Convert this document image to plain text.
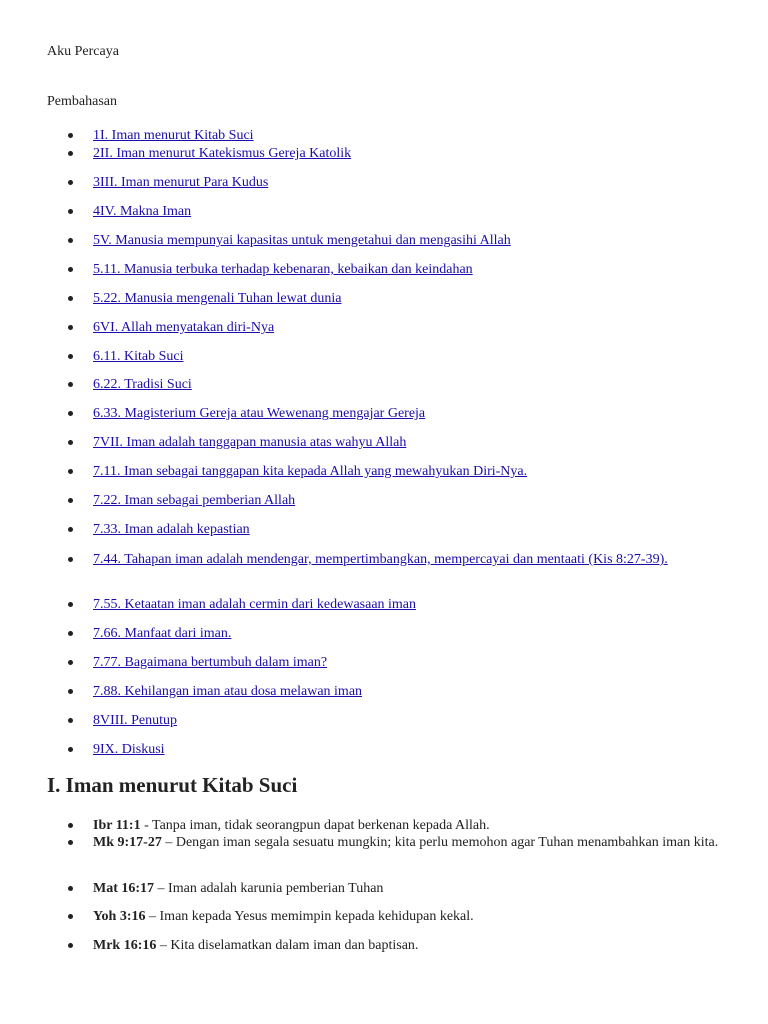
Aku Percaya
Pembahasan
1I. Iman menurut Kitab Suci
2II. Iman menurut Katekismus Gereja Katolik
3III. Iman menurut Para Kudus
4IV. Makna Iman
5V. Manusia mempunyai kapasitas untuk mengetahui dan mengasihi Allah
5.11. Manusia terbuka terhadap kebenaran, kebaikan dan keindahan
5.22. Manusia mengenali Tuhan lewat dunia
6VI. Allah menyatakan diri-Nya
6.11. Kitab Suci
6.22. Tradisi Suci
6.33. Magisterium Gereja atau Wewenang mengajar Gereja
7VII. Iman adalah tanggapan manusia atas wahyu Allah
7.11. Iman sebagai tanggapan kita kepada Allah yang mewahyukan Diri-Nya.
7.22. Iman sebagai pemberian Allah
7.33. Iman adalah kepastian
7.44. Tahapan iman adalah mendengar, mempertimbangkan, mempercayai dan mentaati (Kis 8:27-39).
7.55. Ketaatan iman adalah cermin dari kedewasaan iman
7.66. Manfaat dari iman.
7.77. Bagaimana bertumbuh dalam iman?
7.88. Kehilangan iman atau dosa melawan iman
8VIII. Penutup
9IX. Diskusi
I. Iman menurut Kitab Suci
Ibr 11:1 - Tanpa iman, tidak seorangpun dapat berkenan kepada Allah.
Mk 9:17-27 – Dengan iman segala sesuatu mungkin; kita perlu memohon agar Tuhan menambahkan iman kita.
Mat 16:17 – Iman adalah karunia pemberian Tuhan
Yoh 3:16 – Iman kepada Yesus memimpin kepada kehidupan kekal.
Mrk 16:16 – Kita diselamatkan dalam iman dan baptisan.
